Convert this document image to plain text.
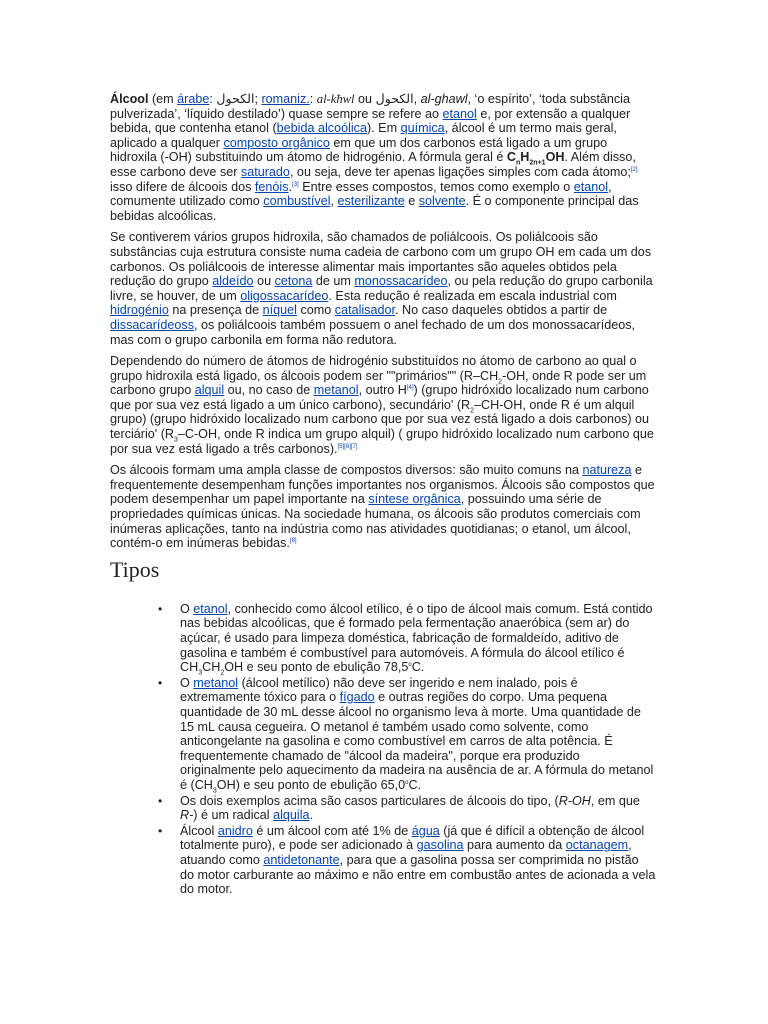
Álcool (em árabe: الكحول; romaniz.: al-kħwl ou الكحول, al-ghawl, ‘o espírito’, ‘toda substância pulverizada’, ‘líquido destilado’) quase sempre se refere ao etanol e, por extensão a qualquer bebida, que contenha etanol (bebida alcoólica). Em química, álcool é um termo mais geral, aplicado a qualquer composto orgânico em que um dos carbonos está ligado a um grupo hidroxila (-OH) substituindo um átomo de hidrogénio. A fórmula geral é $C_nH_{2n+1}OH$. Além disso, esse carbono deve ser saturado, ou seja, deve ter apenas ligações simples com cada átomo;[2] isso difere de álcoois dos fenóis.[3] Entre esses compostos, temos como exemplo o etanol, comumente utilizado como combustível, esterilizante e solvente. É o componente principal das bebidas alcoólicas.

Se contiverem vários grupos hidroxila, são chamados de poliálcoois. Os poliálcoois são substâncias cuja estrutura consiste numa cadeia de carbono com um grupo OH em cada um dos carbonos. Os poliálcoois de interesse alimentar mais importantes são aqueles obtidos pela redução do grupo aldeído ou cetona de um monossacarídeo, ou pela redução do grupo carbonila livre, se houver, de um oligossacarídeo. Esta redução é realizada em escala industrial com hidrogénio na presença de níquel como catalisador. No caso daqueles obtidos a partir de dissacarídeoss, os poliálcoois também possuem o anel fechado de um dos monossacarídeos, mas com o grupo carbonila em forma não redutora.

Dependendo do número de átomos de hidrogénio substituídos no átomo de carbono ao qual o grupo hidroxila está ligado, os álcoois podem ser ""primários"" ($R-CH_2-OH$, onde R pode ser um carbono grupo alquil ou, no caso de metanol, outro H[4]) (grupo hidróxido localizado num carbono que por sua vez está ligado a um único carbono), secundário' ($R_2-CH-OH$, onde R é um alquil grupo) (grupo hidróxido localizado num carbono que por sua vez está ligado a dois carbonos) ou terciário' ($R_3-C-OH$, onde R indica um grupo alquil) ( grupo hidróxido localizado num carbono que por sua vez está ligado a três carbonos).[5][6][7]

Os álcoois formam uma ampla classe de compostos diversos: são muito comuns na natureza e frequentemente desempenham funções importantes nos organismos. Álcoois são compostos que podem desempenhar um papel importante na síntese orgânica, possuindo uma série de propriedades químicas únicas. Na sociedade humana, os álcoois são produtos comerciais com inúmeras aplicações, tanto na indústria como nas atividades quotidianas; o etanol, um álcool, contém-o em inúmeras bebidas.[8]

Tipos
• O etanol, conhecido como álcool etílico, é o tipo de álcool mais comum. Está contido nas bebidas alcoólicas, que é formado pela fermentação anaeróbica (sem ar) do açúcar, é usado para limpeza doméstica, fabricação de formaldeído, aditivo de gasolina e também é combustível para automóveis. A fórmula do álcool etílico é $CH_3CH_2OH$ e seu ponto de ebulição 78,5$^o$C.
• O metanol (álcool metílico) não deve ser ingerido e nem inalado, pois é extremamente tóxico para o fígado e outras regiões do corpo. Uma pequena quantidade de 30 mL desse álcool no organismo leva à morte. Uma quantidade de 15 mL causa cegueira. O metanol é também usado como solvente, como anticongelante na gasolina e como combustível em carros de alta potência. É frequentemente chamado de "álcool da madeira", porque era produzido originalmente pelo aquecimento da madeira na ausência de ar. A fórmula do metanol é $(CH_3OH)$ e seu ponto de ebulição 65,0$^o$C.
• Os dois exemplos acima são casos particulares de álcoois do tipo, (R-OH, em que R-) é um radical alquila.
• Álcool anidro é um álcool com até 1% de água (já que é difícil a obtenção de álcool totalmente puro), e pode ser adicionado à gasolina para aumento da octanagem, atuando como antidetonante, para que a gasolina possa ser comprimida no pistão do motor carburante ao máximo e não entre em combustão antes de acionada a vela do motor.
